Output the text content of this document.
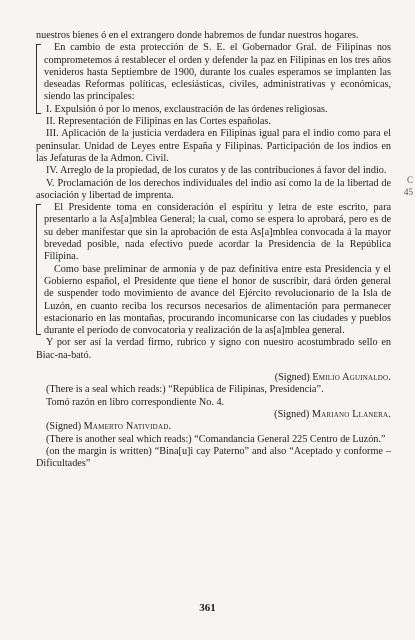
C
45

nuestros bienes ó en el extrangero donde habremos de fundar nuestros hogares.

En cambio de esta protección de S. E. el Gobernador Gral. de Filipinas nos comprometemos á restablecer el orden y defender la paz en Filipinas en los tres años venideros hasta Septiembre de 1900, durante los cuales esperamos se implanten las deseadas Reformas políticas, eclesiásticas, civiles, administrativas y económicas, siendo las principales:

I. Expulsión ó por lo menos, exclaustración de las órdenes religiosas.

II. Representación de Filipinas en las Cortes españolas.

III. Aplicación de la justicia verdadera en Filipinas igual para el indio como para el peninsular. Unidad de Leyes entre España y Filipinas. Participación de los indios en las Jefaturas de la Admon. Civil.

IV. Arreglo de la propiedad, de los curatos y de las contribuciones á favor del indio.

V. Proclamación de los derechos individuales del indio así como la de la libertad de asociación y libertad de imprenta.

El Presidente toma en consideración el espíritu y letra de este escrito, para presentarlo a la As[a]mblea General; la cual, como se espera lo aprobará, pero es de su deber manifestar que sin la aprobación de esta As[a]mblea convocada á la mayor brevedad posible, nada efectivo puede acordar la Presidencia de la República Filipina.

Como base preliminar de armonía y de paz definitiva entre esta Presidencia y el Gobierno español, el Presidente que tiene el honor de suscribir, dará órden general de suspender todo movimiento de avance del Ejército revolucionario de la Isla de Luzón, en cuanto reciba los recursos necesarios de alimentación para permanecer estacionario en las montañas, procurando incomunicarse con las ciudades y pueblos durante el período de convocatoria y realización de la as[a]mblea general.

Y por ser así la verdad firmo, rubrico y signo con nuestro acostumbrado sello en Biac-na-bató.

(Signed) Emilio Aguinaldo.

(There is a seal which reads:) “República de Filipinas, Presidencia”.

Tomó razón en libro correspondiente No. 4.

(Signed) Mariano Llanera.

(Signed) Mamerto Natividad.

(There is another seal which reads:) “Comandancia General 225 Centro de Luzón.”

(on the margin is written) “Bina[u]i cay Paterno” and also “Aceptado y conforme – Dificultades”

361
